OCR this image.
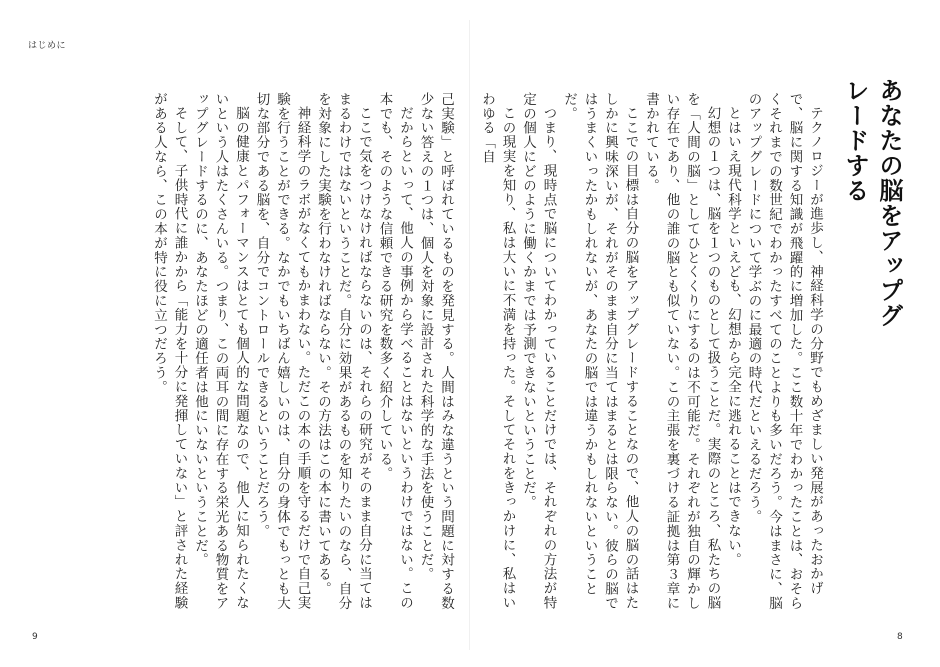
はじめに
あなたの脳をアップグレードする

テクノロジーが進歩し、神経科学の分野でもめざましい発展があったおかげで、脳に関する知識が飛躍的に増加した。ここ数十年でわかったことは、おそらくそれまでの数世紀でわかったすべてのことよりも多いだろう。今はまさに、脳のアップグレードについて学ぶのに最適の時代だといえるだろう。

とはいえ現代科学といえども、幻想から完全に逃れることはできない。

幻想の１つは、脳を１つのものとして扱うことだ。実際のところ、私たちの脳を「人間の脳」としてひとくくりにするのは不可能だ。それぞれが独自の輝かしい存在であり、他の誰の脳とも似ていない。この主張を裏づける証拠は第３章に書かれている。

ここでの目標は自分の脳をアップグレードすることなので、他人の脳の話はたしかに興味深いが、それがそのまま自分に当てはまるとは限らない。彼らの脳ではうまくいったかもしれないが、あなたの脳では違うかもしれないということだ。

つまり、現時点で脳についてわかっていることだけでは、それぞれの方法が特定の個人にどのように働くかまでは予測できないということだ。

この現実を知り、私は大いに不満を持った。そしてそれをきっかけに、私はいわゆる「自

己実験」と呼ばれているものを発見する。人間はみな違うという問題に対する数少ない答えの１つは、個人を対象に設計された科学的な手法を使うことだ。

だからといって、他人の事例から学べることはないというわけではない。この本でも、そのような信頼できる研究を数多く紹介している。

ここで気をつけなければならないのは、それらの研究がそのまま自分に当てはまるわけではないということだ。自分に効果があるものを知りたいのなら、自分を対象にした実験を行わなければならない。その方法はこの本に書いてある。

神経科学のラボがなくてもかまわない。ただこの本の手順を守るだけで自己実験を行うことができる。なかでもいちばん嬉しいのは、自分の身体でもっとも大切な部分である脳を、自分でコントロールできるということだろう。

脳の健康とパフォーマンスはとても個人的な問題なので、他人に知られたくないという人はたくさんいる。つまり、この両耳の間に存在する栄光ある物質をアップグレードするのに、あなたほどの適任者は他にいないということだ。

そして、子供時代に誰かから「能力を十分に発揮していない」と評された経験がある人なら、この本が特に役に立つだろう。

9	8
